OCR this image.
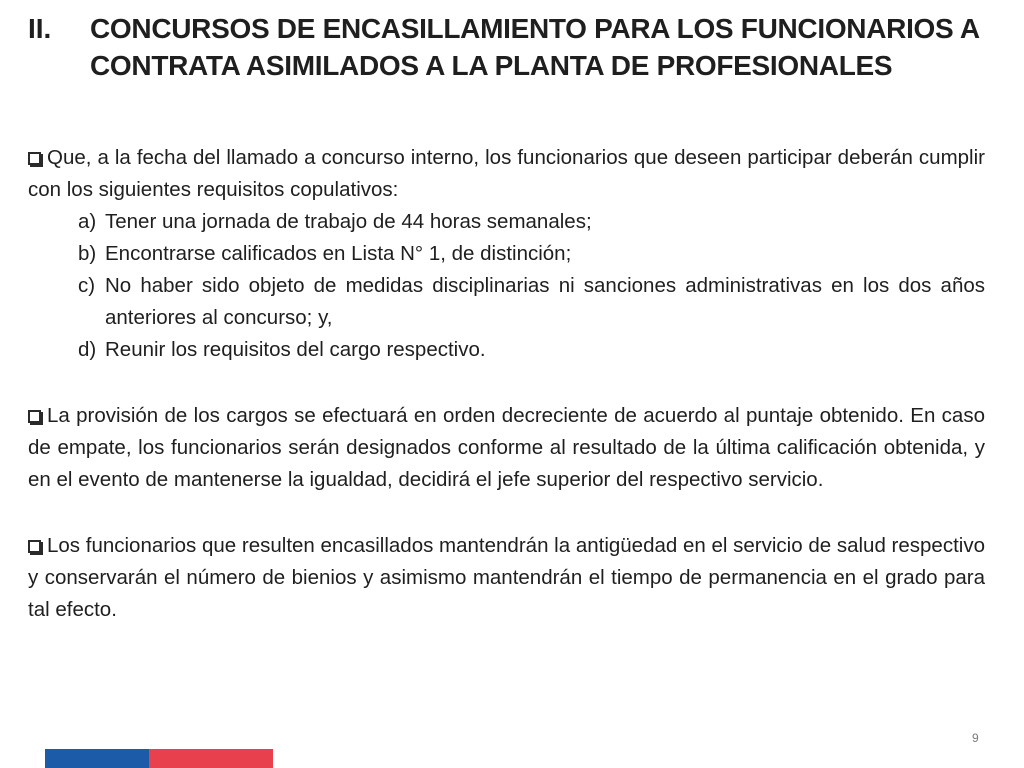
II.	CONCURSOS DE ENCASILLAMIENTO PARA LOS FUNCIONARIOS A
CONTRATA ASIMILADOS A LA PLANTA DE PROFESIONALES

Que, a la fecha del llamado a concurso interno, los funcionarios que deseen participar deberán cumplir con los siguientes requisitos copulativos:

a) Tener una jornada de trabajo de 44 horas semanales;
b) Encontrarse calificados en Lista N° 1, de distinción;
c) No haber sido objeto de medidas disciplinarias ni sanciones administrativas en los dos años anteriores al concurso; y,
d) Reunir los requisitos del cargo respectivo.

La provisión de los cargos se efectuará en orden decreciente de acuerdo al puntaje obtenido. En caso de empate, los funcionarios serán designados conforme al resultado de la última calificación obtenida, y en el evento de mantenerse la igualdad, decidirá el jefe superior del respectivo servicio.

Los funcionarios que resulten encasillados mantendrán la antigüedad en el servicio de salud respectivo y conservarán el número de bienios y asimismo mantendrán el tiempo de permanencia en el grado para tal efecto.

9
